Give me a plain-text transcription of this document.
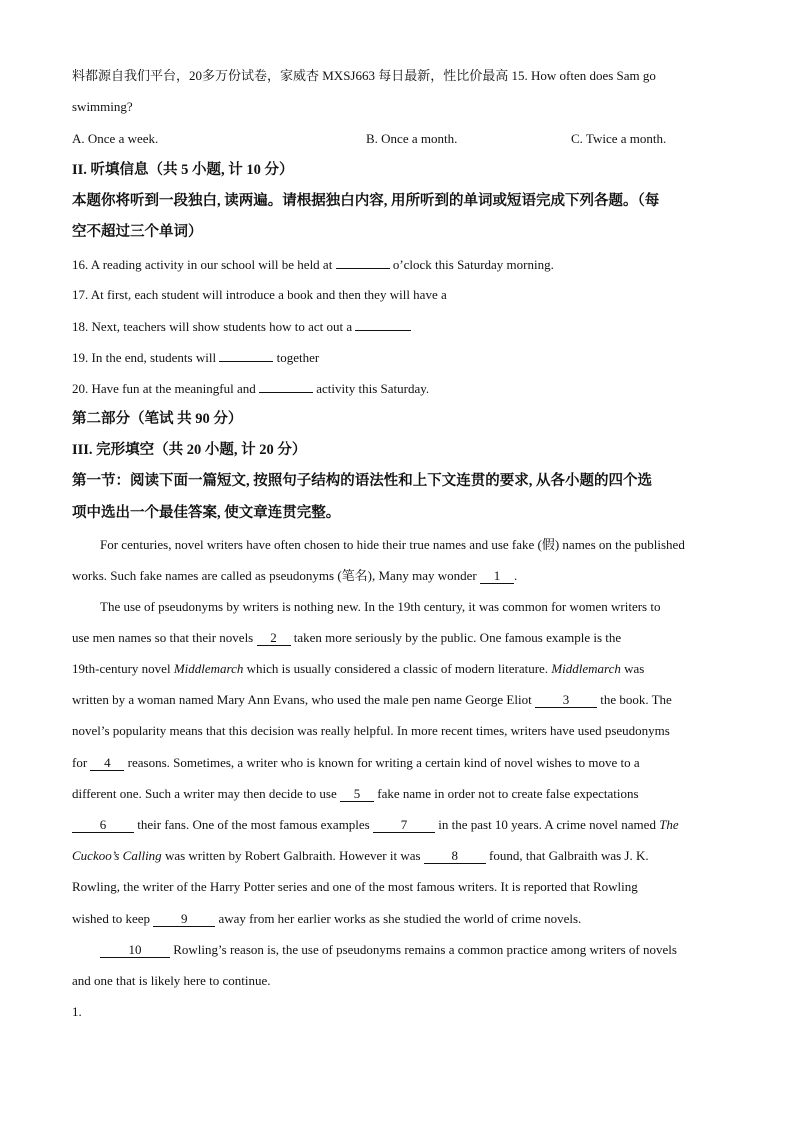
料都源自我们平台，20多万份试卷，家威杏 MXSJ663 每日最新，性比价最高 15. How often does Sam go
swimming?
A. Once a week.	B. Once a month.	C. Twice a month.
II. 听填信息（共 5 小题, 计 10 分）
本题你将听到一段独白, 读两遍。请根据独白内容, 用所听到的单词或短语完成下列各题。（每
空不超过三个单词）
16. A reading activity in our school will be held at	o’clock this Saturday morning.
17. At first, each student will introduce a book and then they will have a
18. Next, teachers will show students how to act out a
19. In the end, students will	together
20. Have fun at the meaningful and	activity this Saturday.
第二部分（笔试 共 90 分）
III. 完形填空（共 20 小题, 计 20 分）
第一节：阅读下面一篇短文, 按照句子结构的语法性和上下文连贯的要求, 从各小题的四个选
项中选出一个最佳答案, 使文章连贯完整。
For centuries, novel writers have often chosen to hide their true names and use fake (假) names on the published
works. Such fake names are called as pseudonyms (笔名), Many may wonder 1 .
The use of pseudonyms by writers is nothing new. In the 19th century, it was common for women writers to
use men names so that their novels 2 taken more seriously by the public. One famous example is the
19th-century novel Middlemarch which is usually considered a classic of modern literature. Middlemarch was
written by a woman named Mary Ann Evans, who used the male pen name George Eliot 3 the book. The
novel’s popularity means that this decision was really helpful. In more recent times, writers have used pseudonyms
for 4 reasons. Sometimes, a writer who is known for writing a certain kind of novel wishes to move to a
different one. Such a writer may then decide to use 5 fake name in order not to create false expectations
6 their fans. One of the most famous examples 7 in the past 10 years. A crime novel named The
Cuckoo’s Calling was written by Robert Galbraith. However it was 8 found, that Galbraith was J. K.
Rowling, the writer of the Harry Potter series and one of the most famous writers. It is reported that Rowling
wished to keep 9 away from her earlier works as she studied the world of crime novels.
10 Rowling’s reason is, the use of pseudonyms remains a common practice among writers of novels
and one that is likely here to continue.
1.
